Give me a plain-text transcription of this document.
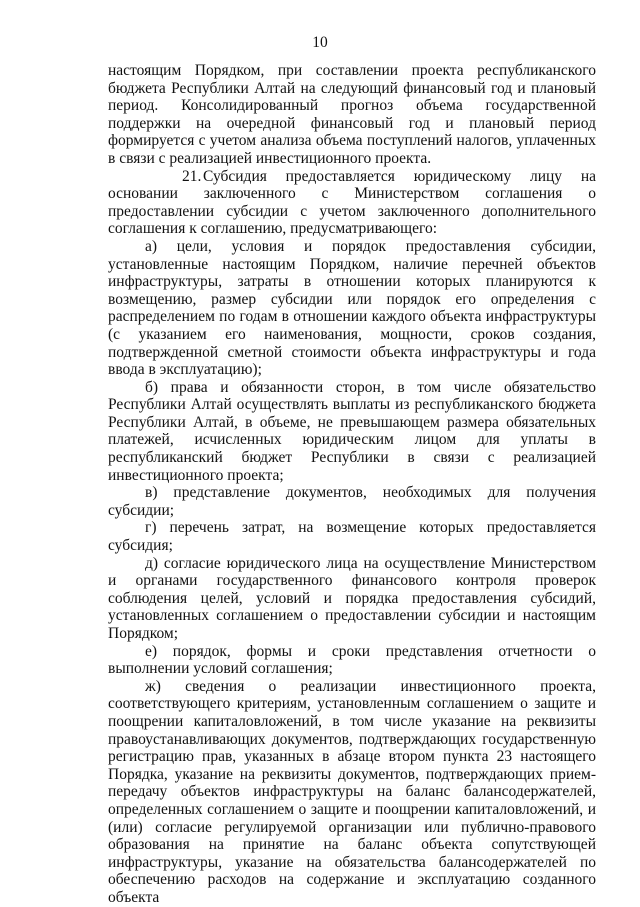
10

настоящим Порядком, при составлении проекта республиканского бюджета Республики Алтай на следующий финансовый год и плановый период. Консолидированный прогноз объема государственной поддержки на очередной финансовый год и плановый период формируется с учетом анализа объема поступлений налогов, уплаченных в связи с реализацией инвестиционного проекта.

21. Субсидия предоставляется юридическому лицу на основании заключенного с Министерством соглашения о предоставлении субсидии с учетом заключенного дополнительного соглашения к соглашению, предусматривающего:

а) цели, условия и порядок предоставления субсидии, установленные настоящим Порядком, наличие перечней объектов инфраструктуры, затраты в отношении которых планируются к возмещению, размер субсидии или порядок его определения с распределением по годам в отношении каждого объекта инфраструктуры (с указанием его наименования, мощности, сроков создания, подтвержденной сметной стоимости объекта инфраструктуры и года ввода в эксплуатацию);

б) права и обязанности сторон, в том числе обязательство Республики Алтай осуществлять выплаты из республиканского бюджета Республики Алтай, в объеме, не превышающем размера обязательных платежей, исчисленных юридическим лицом для уплаты в республиканский бюджет Республики в связи с реализацией инвестиционного проекта;

в) представление документов, необходимых для получения субсидии;

г) перечень затрат, на возмещение которых предоставляется субсидия;

д) согласие юридического лица на осуществление Министерством и органами государственного финансового контроля проверок соблюдения целей, условий и порядка предоставления субсидий, установленных соглашением о предоставлении субсидии и настоящим Порядком;

е) порядок, формы и сроки представления отчетности о выполнении условий соглашения;

ж) сведения о реализации инвестиционного проекта, соответствующего критериям, установленным соглашением о защите и поощрении капиталовложений, в том числе указание на реквизиты правоустанавливающих документов, подтверждающих государственную регистрацию прав, указанных в абзаце втором пункта 23 настоящего Порядка, указание на реквизиты документов, подтверждающих прием-передачу объектов инфраструктуры на баланс балансодержателей, определенных соглашением о защите и поощрении капиталовложений, и (или) согласие регулируемой организации или публично-правового образования на принятие на баланс объекта сопутствующей инфраструктуры, указание на обязательства балансодержателей по обеспечению расходов на содержание и эксплуатацию созданного объекта
